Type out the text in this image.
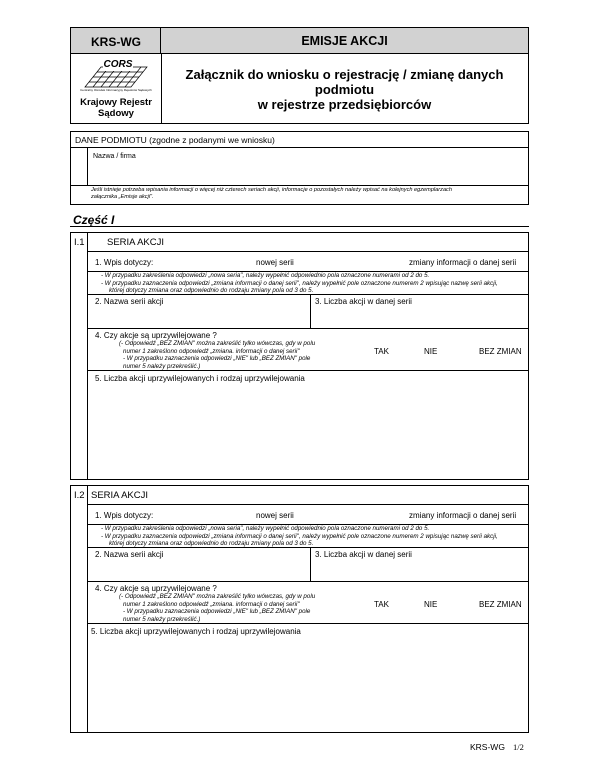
KRS-WG	EMISJE AKCJI
CORS
Centralny Ośrodek Informacyjny Rejestrów Sądowych
Krajowy Rejestr
Sądowy
Załącznik do wniosku o rejestrację / zmianę danych
podmiotu
w rejestrze przedsiębiorców
DANE PODMIOTU (zgodne z podanymi we wniosku)
Nazwa / firma
Jeśli istnieje potrzeba wpisania informacji o więcej niż czterech seriach akcji, informacje o pozostałych należy wpisać na kolejnych egzemplarzach
załącznika „Emisje akcji".
Część I
I.1 SERIA AKCJI
1. Wpis dotyczy:	nowej serii	zmiany informacji o danej serii
- W przypadku zakreślenia odpowiedzi „nowa seria", należy wypełnić odpowiednio pola oznaczone numerami od 2 do 5.
- W przypadku zaznaczenia odpowiedzi „zmiana informacji o danej serii", należy wypełnić pole oznaczone numerem 2 wpisując nazwę serii akcji,
której dotyczy zmiana oraz odpowiednio do rodzaju zmiany pola od 3 do 5.
2. Nazwa serii akcji	3. Liczba akcji w danej serii
4. Czy akcje są uprzywilejowane ?
(- Odpowiedź „BEZ ZMIAN" można zakreślić tylko wówczas, gdy w polu
numer 1 zakreślono odpowiedź „zmiana. informacji o danej serii"
- W przypadku zaznaczenia odpowiedzi „NIE" lub „BEZ ZMIAN" pole
numer 5 należy przekreślić.)
TAK	NIE	BEZ ZMIAN
5. Liczba akcji uprzywilejowanych i rodzaj uprzywilejowania
I.2 SERIA AKCJI
1. Wpis dotyczy:	nowej serii	zmiany informacji o danej serii
- W przypadku zakreślenia odpowiedzi „nowa seria", należy wypełnić odpowiednio pola oznaczone numerami od 2 do 5.
- W przypadku zaznaczenia odpowiedzi „zmiana informacji o danej serii", należy wypełnić pole oznaczone numerem 2 wpisując nazwę serii akcji,
której dotyczy zmiana oraz odpowiednio do rodzaju zmiany pola od 3 do 5.
2. Nazwa serii akcji	3. Liczba akcji w danej serii
4. Czy akcje są uprzywilejowane ?
(- Odpowiedź „BEZ ZMIAN" można zakreślić tylko wówczas, gdy w polu
numer 1 zakreślono odpowiedź „zmiana. informacji o danej serii"
- W przypadku zaznaczenia odpowiedzi „NIE" lub „BEZ ZMIAN" pole
numer 5 należy przekreślić.)
TAK	NIE	BEZ ZMIAN
5. Liczba akcji uprzywilejowanych i rodzaj uprzywilejowania
KRS-WG 1/2
